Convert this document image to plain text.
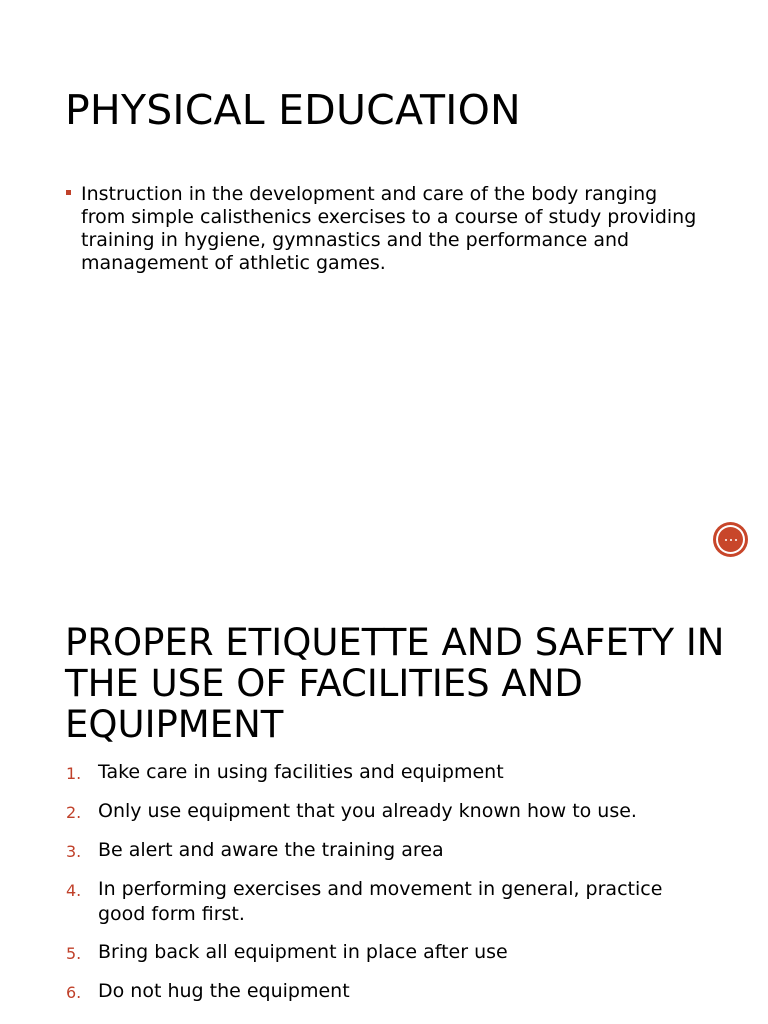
PHYSICAL EDUCATION

Instruction in the development and care of the body ranging from simple calisthenics exercises to a course of study providing training in hygiene, gymnastics and the performance and management of athletic games.

PROPER ETIQUETTE AND SAFETY IN THE USE OF FACILITIES AND EQUIPMENT
1. Take care in using facilities and equipment
2. Only use equipment that you already known how to use.
3. Be alert and aware the training area
4. In performing exercises and movement in general, practice good form first.
5. Bring back all equipment in place after use
6. Do not hug the equipment
